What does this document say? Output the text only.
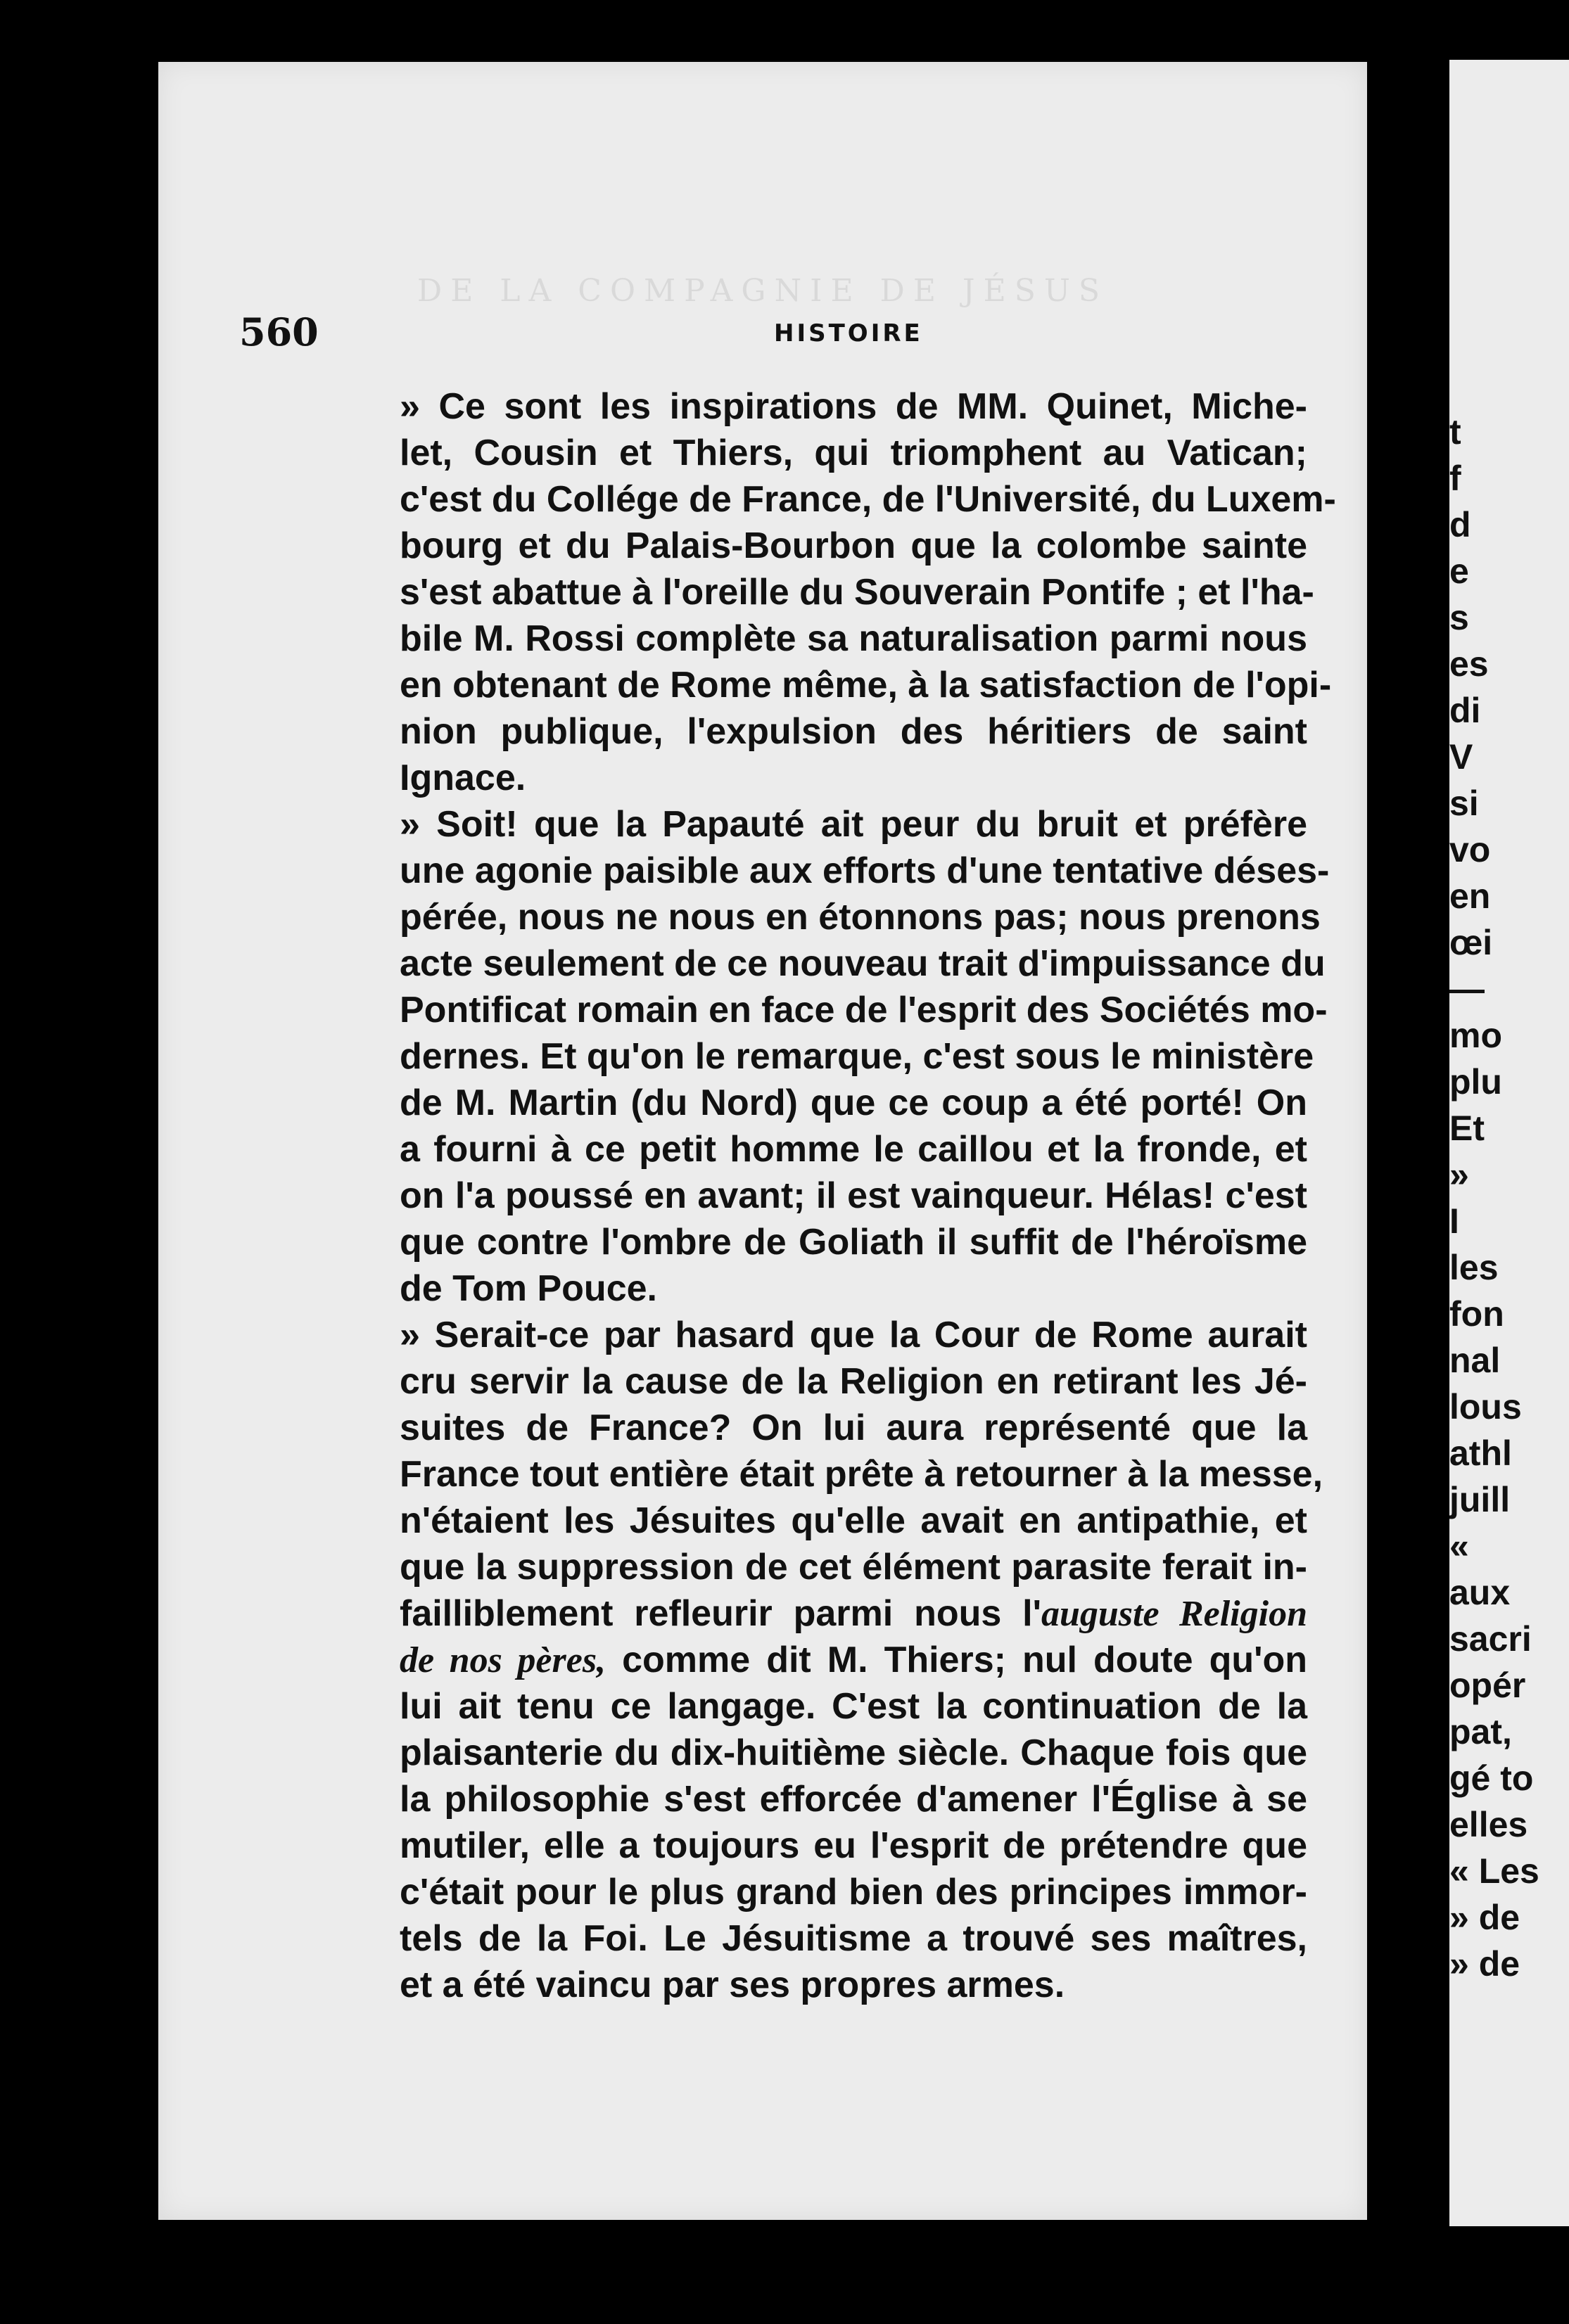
t
f
d
e
s
es
di
V
si
vo
en
œi
—
mo
plu
Et
»
I
les
fon
nal
lous
athl
juill
«
aux
sacri
opér
pat,
gé to
elles
« Les
» de
» de
DE LA COMPAGNIE DE JÉSUS
560	HISTOIRE
» Ce sont les inspirations de MM. Quinet, Miche-
let, Cousin et Thiers, qui triomphent au Vatican;
c'est du Collége de France, de l'Université, du Luxem-
bourg et du Palais-Bourbon que la colombe sainte
s'est abattue à l'oreille du Souverain Pontife ; et l'ha-
bile M. Rossi complète sa naturalisation parmi nous
en obtenant de Rome même, à la satisfaction de l'opi-
nion publique, l'expulsion des héritiers de saint
Ignace.
» Soit! que la Papauté ait peur du bruit et préfère
une agonie paisible aux efforts d'une tentative déses-
pérée, nous ne nous en étonnons pas; nous prenons
acte seulement de ce nouveau trait d'impuissance du
Pontificat romain en face de l'esprit des Sociétés mo-
dernes. Et qu'on le remarque, c'est sous le ministère
de M. Martin (du Nord) que ce coup a été porté! On
a fourni à ce petit homme le caillou et la fronde, et
on l'a poussé en avant; il est vainqueur. Hélas! c'est
que contre l'ombre de Goliath il suffit de l'héroïsme
de Tom Pouce.
» Serait-ce par hasard que la Cour de Rome aurait
cru servir la cause de la Religion en retirant les Jé-
suites de France? On lui aura représenté que la
France tout entière était prête à retourner à la messe,
n'étaient les Jésuites qu'elle avait en antipathie, et
que la suppression de cet élément parasite ferait in-
failliblement refleurir parmi nous l'auguste Religion
de nos pères, comme dit M. Thiers; nul doute qu'on
lui ait tenu ce langage. C'est la continuation de la
plaisanterie du dix-huitième siècle. Chaque fois que
la philosophie s'est efforcée d'amener l'Église à se
mutiler, elle a toujours eu l'esprit de prétendre que
c'était pour le plus grand bien des principes immor-
tels de la Foi. Le Jésuitisme a trouvé ses maîtres,
et a été vaincu par ses propres armes.
